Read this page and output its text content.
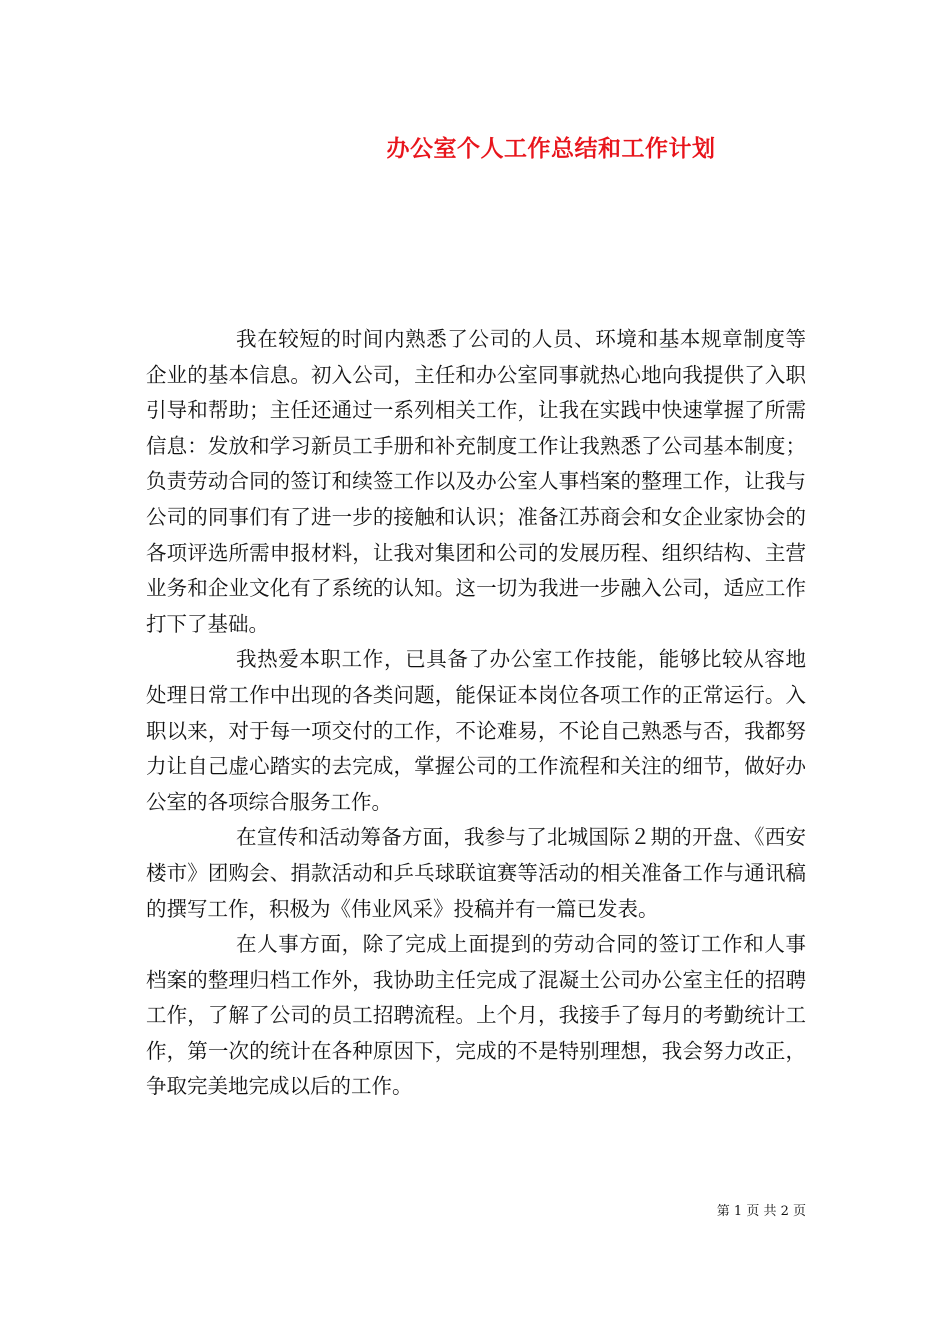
办公室个人工作总结和工作计划

我在较短的时间内熟悉了公司的人员、环境和基本规章制度等企业的基本信息。初入公司，主任和办公室同事就热心地向我提供了入职引导和帮助；主任还通过一系列相关工作，让我在实践中快速掌握了所需信息：发放和学习新员工手册和补充制度工作让我熟悉了公司基本制度；负责劳动合同的签订和续签工作以及办公室人事档案的整理工作，让我与公司的同事们有了进一步的接触和认识；准备江苏商会和女企业家协会的各项评选所需申报材料，让我对集团和公司的发展历程、组织结构、主营业务和企业文化有了系统的认知。这一切为我进一步融入公司，适应工作打下了基础。

我热爱本职工作，已具备了办公室工作技能，能够比较从容地处理日常工作中出现的各类问题，能保证本岗位各项工作的正常运行。入职以来，对于每一项交付的工作，不论难易，不论自己熟悉与否，我都努力让自己虚心踏实的去完成，掌握公司的工作流程和关注的细节，做好办公室的各项综合服务工作。

在宣传和活动筹备方面，我参与了北城国际２期的开盘、《西安楼市》团购会、捐款活动和乒乓球联谊赛等活动的相关准备工作与通讯稿的撰写工作，积极为《伟业风采》投稿并有一篇已发表。

在人事方面，除了完成上面提到的劳动合同的签订工作和人事档案的整理归档工作外，我协助主任完成了混凝土公司办公室主任的招聘工作，了解了公司的员工招聘流程。上个月，我接手了每月的考勤统计工作，第一次的统计在各种原因下，完成的不是特别理想，我会努力改正，争取完美地完成以后的工作。

第 1 页 共 2 页
